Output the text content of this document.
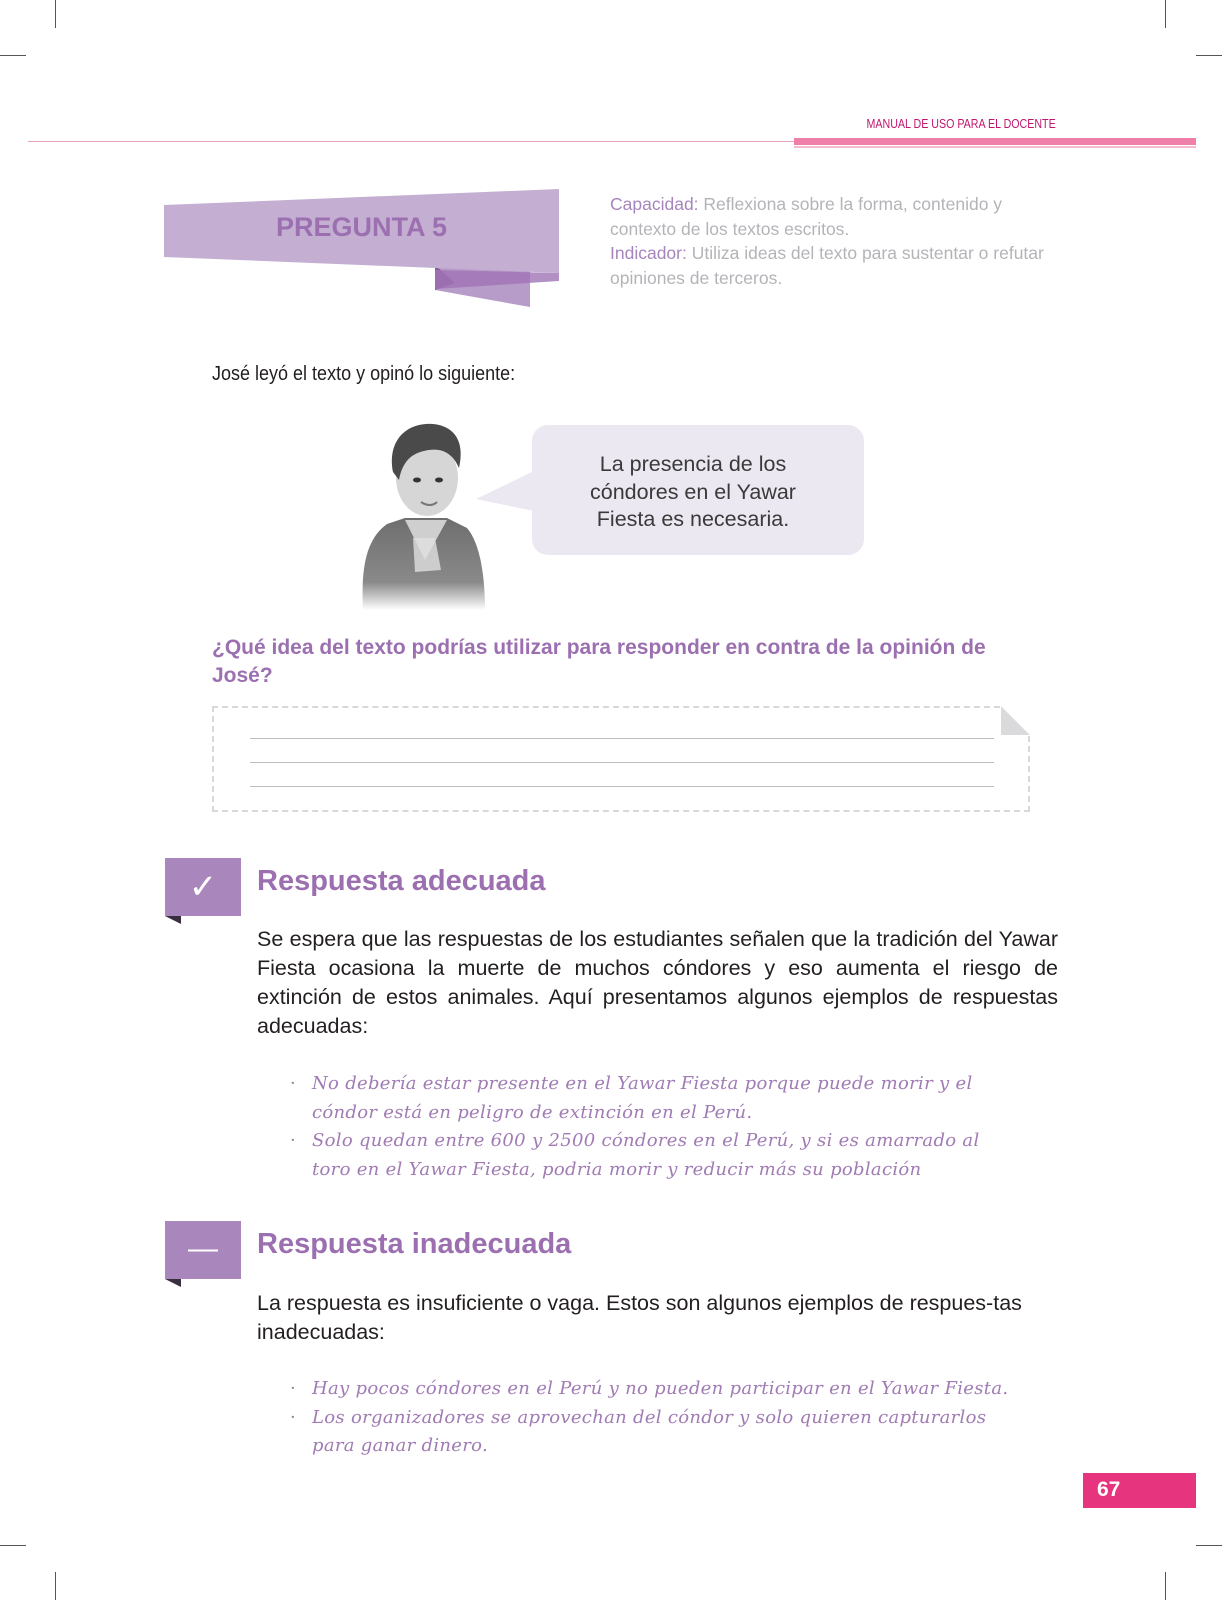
MANUAL DE USO PARA EL DOCENTE
PREGUNTA 5
Capacidad: Reflexiona sobre la forma, contenido y contexto de los textos escritos.
Indicador: Utiliza ideas del texto para sustentar o refutar opiniones de terceros.
José leyó el texto y opinó lo siguiente:
La presencia de los
cóndores en el Yawar
Fiesta es necesaria.
¿Qué idea del texto podrías utilizar para responder en contra de la opinión de José?
✓	Respuesta adecuada
Se espera que las respuestas de los estudiantes señalen que la tradición del Yawar Fiesta ocasiona la muerte de muchos cóndores y eso aumenta el riesgo de extinción de estos animales. Aquí presentamos algunos ejemplos de respuestas adecuadas:
· No debería estar presente en el Yawar Fiesta porque puede morir y el cóndor está en peligro de extinción en el Perú.
· Solo quedan entre 600 y 2500 cóndores en el Perú, y si es amarrado al toro en el Yawar Fiesta, podria morir y reducir más su población
—	Respuesta inadecuada
La respuesta es insuficiente o vaga. Estos son algunos ejemplos de respues-tas inadecuadas:
· Hay pocos cóndores en el Perú y no pueden participar en el Yawar Fiesta.
· Los organizadores se aprovechan del cóndor y solo quieren capturarlos para ganar dinero.
67
